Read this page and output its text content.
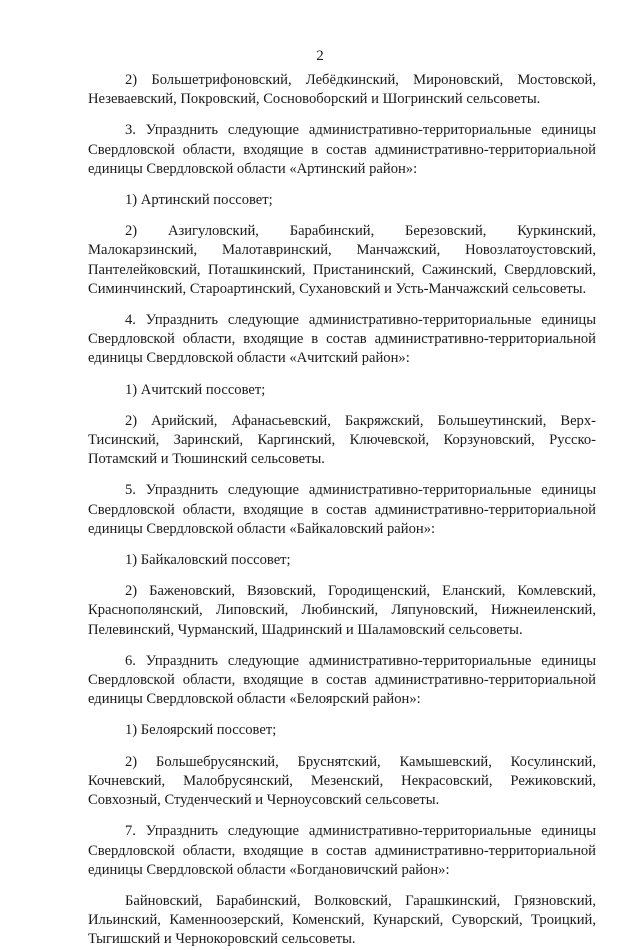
2

2) Большетрифоновский, Лебёдкинский, Мироновский, Мостовской, Незеваевский, Покровский, Сосновоборский и Шогринский сельсоветы.

3. Упразднить следующие административно-территориальные единицы Свердловской области, входящие в состав административно-территориальной единицы Свердловской области «Артинский район»:

1) Артинский поссовет;

2) Азигуловский, Барабинский, Березовский, Куркинский, Малокарзинский, Малотавринский, Манчажский, Новозлатоустовский, Пантелейковский, Поташкинский, Пристанинский, Сажинский, Свердловский, Симинчинский, Староартинский, Сухановский и Усть-Манчажский сельсоветы.

4. Упразднить следующие административно-территориальные единицы Свердловской области, входящие в состав административно-территориальной единицы Свердловской области «Ачитский район»:

1) Ачитский поссовет;

2) Арийский, Афанасьевский, Бакряжский, Большеутинский, Верх-Тисинский, Заринский, Каргинский, Ключевской, Корзуновский, Русско-Потамский и Тюшинский сельсоветы.

5. Упразднить следующие административно-территориальные единицы Свердловской области, входящие в состав административно-территориальной единицы Свердловской области «Байкаловский район»:

1) Байкаловский поссовет;

2) Баженовский, Вязовский, Городищенский, Еланский, Комлевский, Краснополянский, Липовский, Любинский, Ляпуновский, Нижнеиленский, Пелевинский, Чурманский, Шадринский и Шаламовский сельсоветы.

6. Упразднить следующие административно-территориальные единицы Свердловской области, входящие в состав административно-территориальной единицы Свердловской области «Белоярский район»:

1) Белоярский поссовет;

2) Большебрусянский, Бруснятский, Камышевский, Косулинский, Кочневский, Малобрусянский, Мезенский, Некрасовский, Режиковский, Совхозный, Студенческий и Черноусовский сельсоветы.

7. Упразднить следующие административно-территориальные единицы Свердловской области, входящие в состав административно-территориальной единицы Свердловской области «Богдановичский район»:

Байновский, Барабинский, Волковский, Гарашкинский, Грязновский, Ильинский, Каменноозерский, Коменский, Кунарский, Суворский, Троицкий, Тыгишский и Чернокоровский сельсоветы.
